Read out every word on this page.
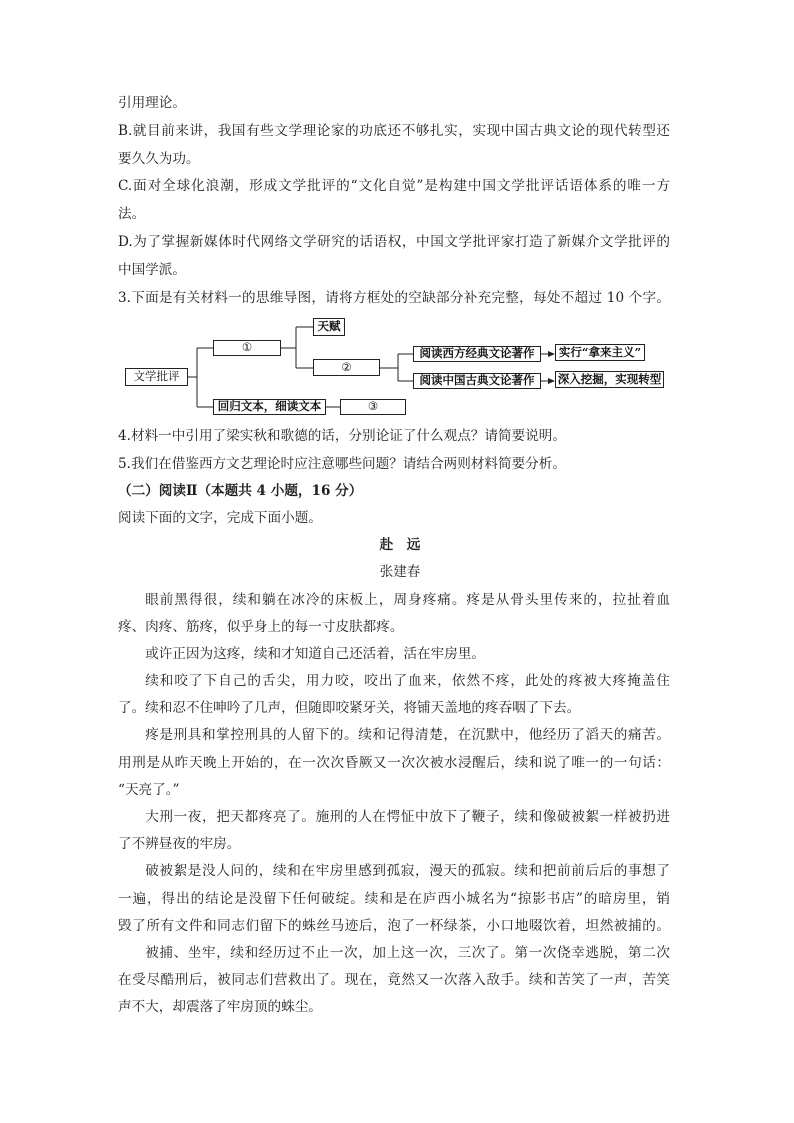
引用理论。
B.就目前来讲，我国有些文学理论家的功底还不够扎实，实现中国古典文论的现代转型还
要久久为功。
C.面对全球化浪潮，形成文学批评的“文化自觉”是构建中国文学批评话语体系的唯一方
法。
D.为了掌握新媒体时代网络文学研究的话语权，中国文学批评家打造了新媒介文学批评的
中国学派。
3.下面是有关材料一的思维导图，请将方框处的空缺部分补充完整，每处不超过 10 个字。
文学批评
①
天赋
②
阅读西方经典文论著作	实行“拿来主义”
阅读中国古典文论著作	深入挖掘，实现转型
回归文本，细读文本	③
4.材料一中引用了梁实秋和歌德的话，分别论证了什么观点？请简要说明。
5.我们在借鉴西方文艺理论时应注意哪些问题？请结合两则材料简要分析。
（二）阅读Ⅱ（本题共 4 小题，16 分）
阅读下面的文字，完成下面小题。
赴　远
张建春
眼前黑得很，续和躺在冰冷的床板上，周身疼痛。疼是从骨头里传来的，拉扯着血
疼、肉疼、筋疼，似乎身上的每一寸皮肤都疼。
或许正因为这疼，续和才知道自己还活着，活在牢房里。
续和咬了下自己的舌尖，用力咬，咬出了血来，依然不疼，此处的疼被大疼掩盖住
了。续和忍不住呻吟了几声，但随即咬紧牙关，将铺天盖地的疼吞咽了下去。
疼是刑具和掌控刑具的人留下的。续和记得清楚，在沉默中，他经历了滔天的痛苦。
用刑是从昨天晚上开始的，在一次次昏厥又一次次被水浸醒后，续和说了唯一的一句话：
“天亮了。”
大刑一夜，把天都疼亮了。施刑的人在愕怔中放下了鞭子，续和像破被絮一样被扔进
了不辨昼夜的牢房。
破被絮是没人问的，续和在牢房里感到孤寂，漫天的孤寂。续和把前前后后的事想了
一遍，得出的结论是没留下任何破绽。续和是在庐西小城名为“掠影书店”的暗房里，销
毁了所有文件和同志们留下的蛛丝马迹后，泡了一杯绿茶，小口地啜饮着，坦然被捕的。
被捕、坐牢，续和经历过不止一次，加上这一次，三次了。第一次侥幸逃脱，第二次
在受尽酷刑后，被同志们营救出了。现在，竟然又一次落入敌手。续和苦笑了一声，苦笑
声不大，却震落了牢房顶的蛛尘。
